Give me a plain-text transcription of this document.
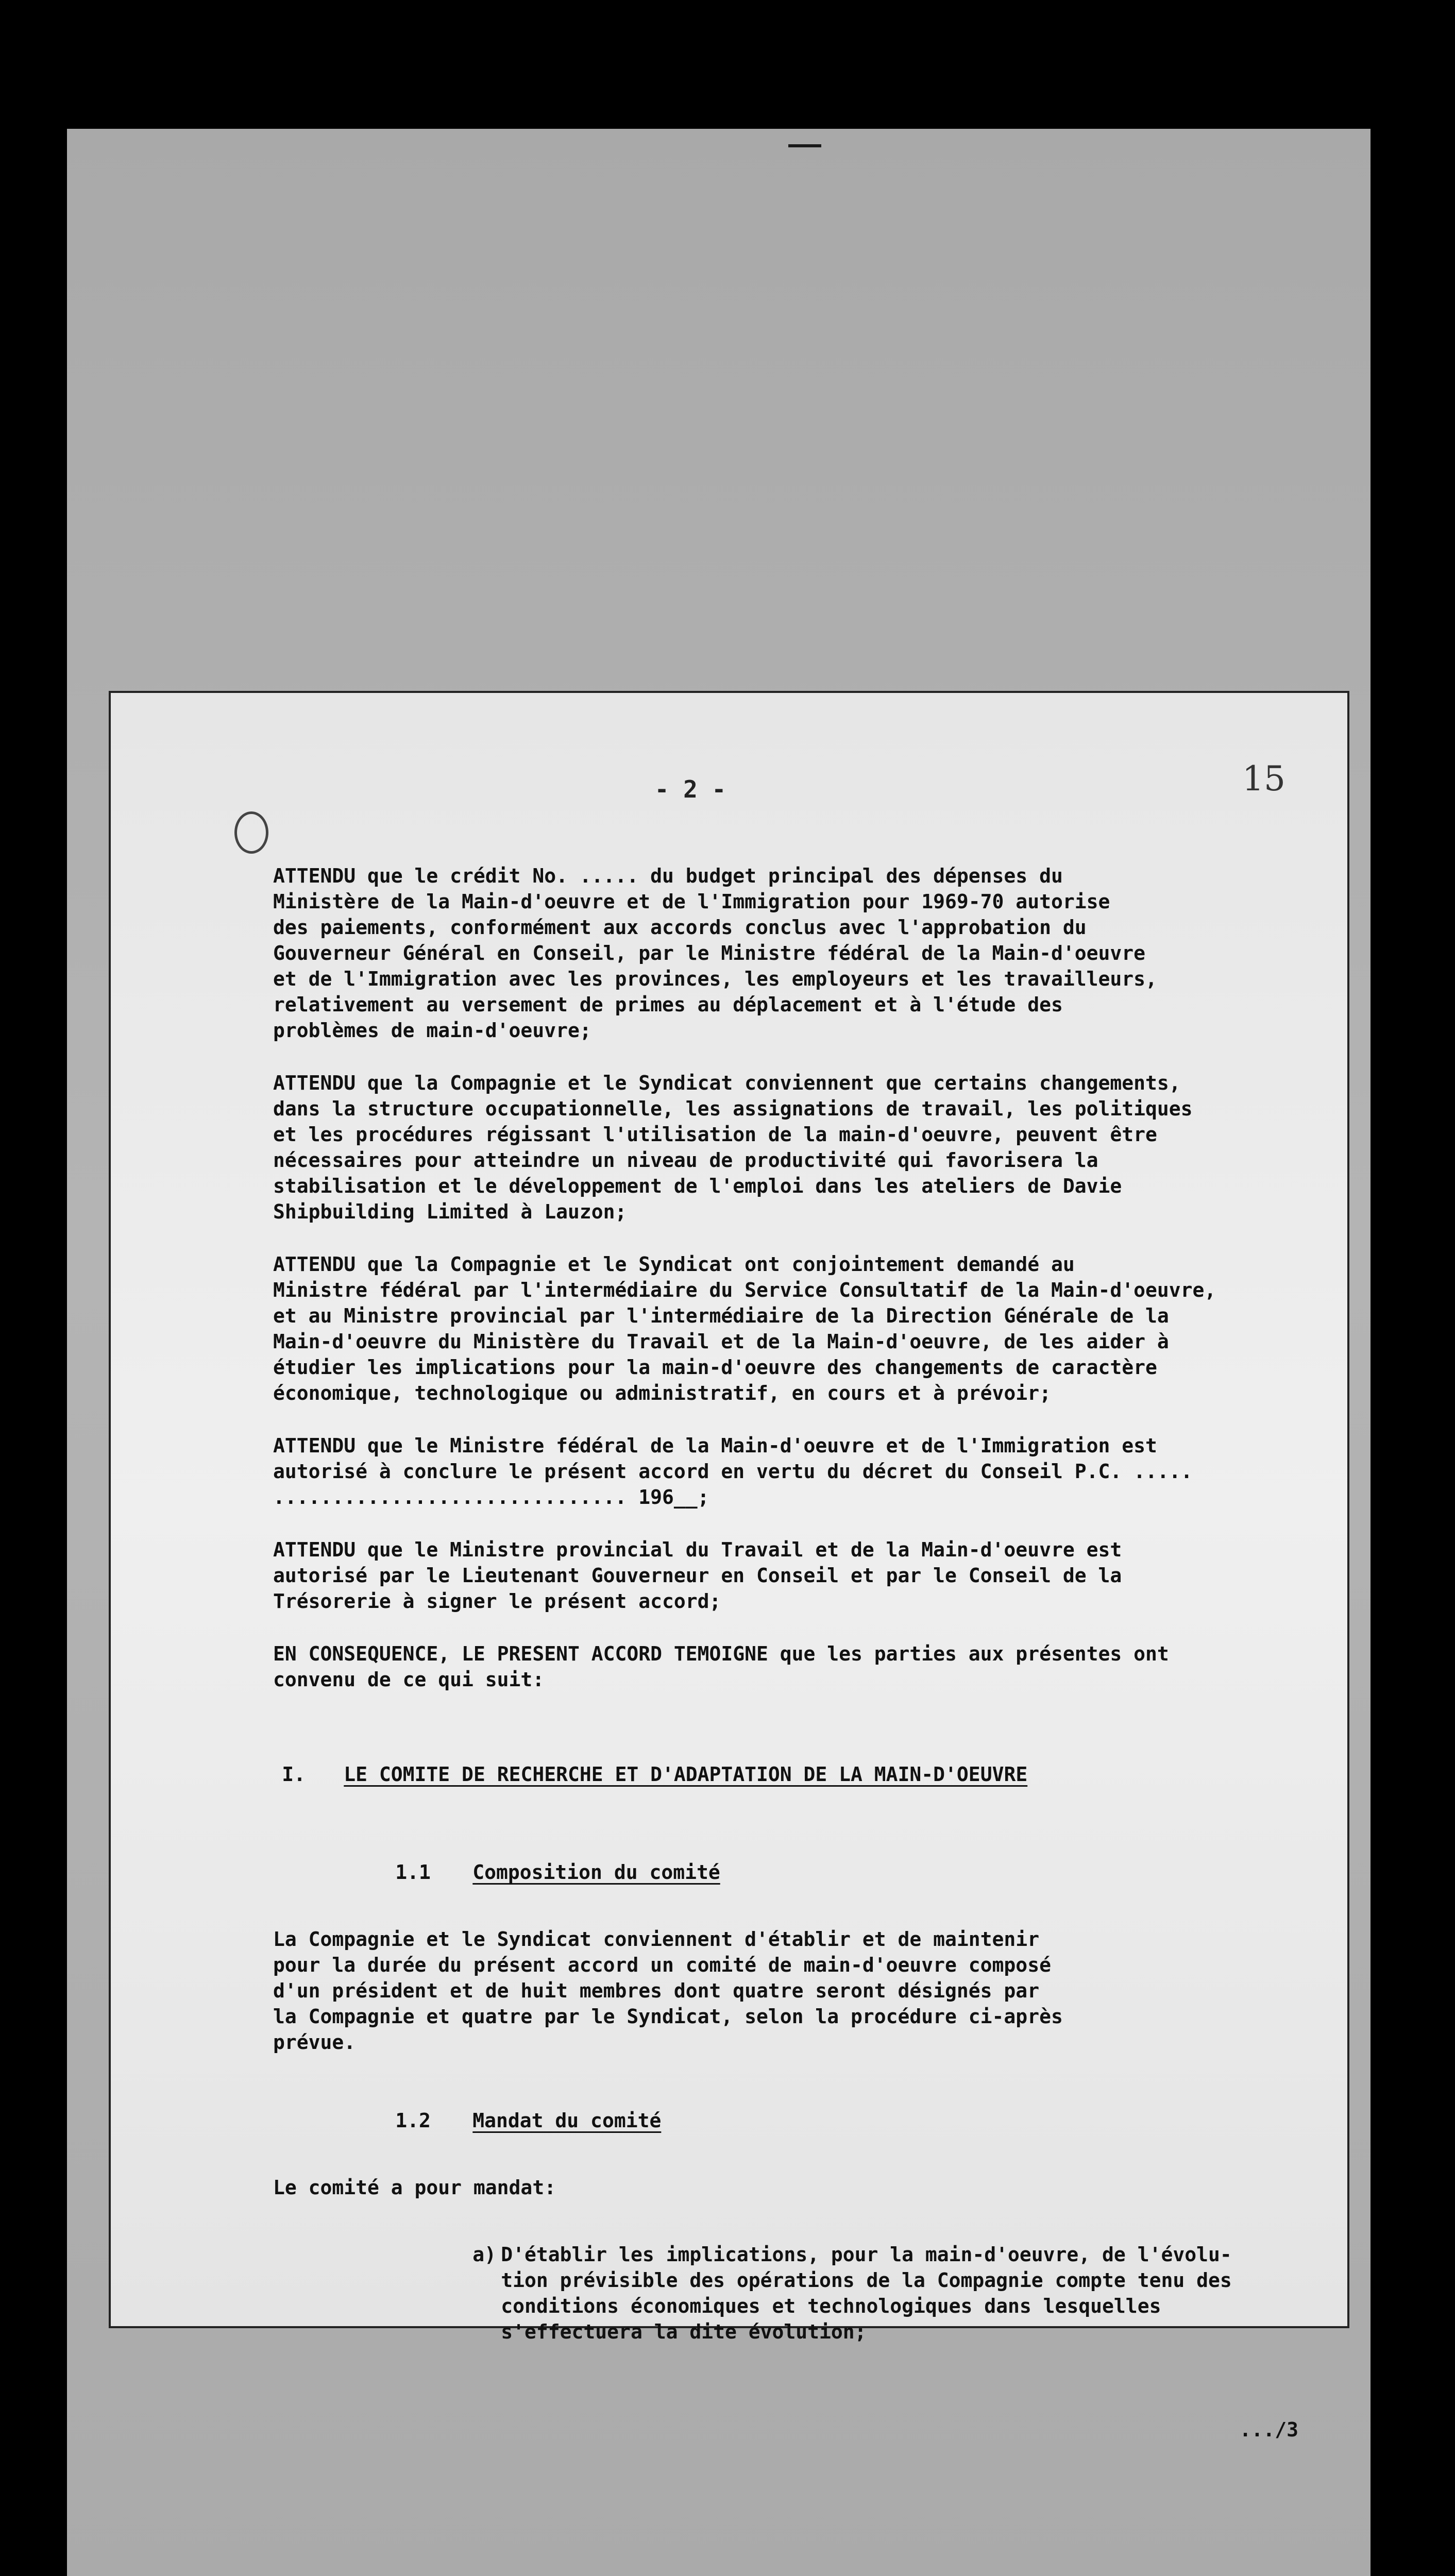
- 2 -	15

ATTENDU que le crédit No. ..... du budget principal des dépenses du
Ministère de la Main-d'oeuvre et de l'Immigration pour 1969-70 autorise
des paiements, conformément aux accords conclus avec l'approbation du
Gouverneur Général en Conseil, par le Ministre fédéral de la Main-d'oeuvre
et de l'Immigration avec les provinces, les employeurs et les travailleurs,
relativement au versement de primes au déplacement et à l'étude des
problèmes de main-d'oeuvre;

ATTENDU que la Compagnie et le Syndicat conviennent que certains changements,
dans la structure occupationnelle, les assignations de travail, les politiques
et les procédures régissant l'utilisation de la main-d'oeuvre, peuvent être
nécessaires pour atteindre un niveau de productivité qui favorisera la
stabilisation et le développement de l'emploi dans les ateliers de Davie
Shipbuilding Limited à Lauzon;

ATTENDU que la Compagnie et le Syndicat ont conjointement demandé au
Ministre fédéral par l'intermédiaire du Service Consultatif de la Main-d'oeuvre,
et au Ministre provincial par l'intermédiaire de la Direction Générale de la
Main-d'oeuvre du Ministère du Travail et de la Main-d'oeuvre, de les aider à
étudier les implications pour la main-d'oeuvre des changements de caractère
économique, technologique ou administratif, en cours et à prévoir;

ATTENDU que le Ministre fédéral de la Main-d'oeuvre et de l'Immigration est
autorisé à conclure le présent accord en vertu du décret du Conseil P.C. .....
.............................. 196__;

ATTENDU que le Ministre provincial du Travail et de la Main-d'oeuvre est
autorisé par le Lieutenant Gouverneur en Conseil et par le Conseil de la
Trésorerie à signer le présent accord;

EN CONSEQUENCE, LE PRESENT ACCORD TEMOIGNE que les parties aux présentes ont
convenu de ce qui suit:

I. LE COMITE DE RECHERCHE ET D'ADAPTATION DE LA MAIN-D'OEUVRE

1.1 Composition du comité

La Compagnie et le Syndicat conviennent d'établir et de maintenir
pour la durée du présent accord un comité de main-d'oeuvre composé
d'un président et de huit membres dont quatre seront désignés par
la Compagnie et quatre par le Syndicat, selon la procédure ci-après
prévue.

1.2 Mandat du comité

Le comité a pour mandat:

a) D'établir les implications, pour la main-d'oeuvre, de l'évolu-
tion prévisible des opérations de la Compagnie compte tenu des
conditions économiques et technologiques dans lesquelles
s'effectuera la dite évolution;

.../3
